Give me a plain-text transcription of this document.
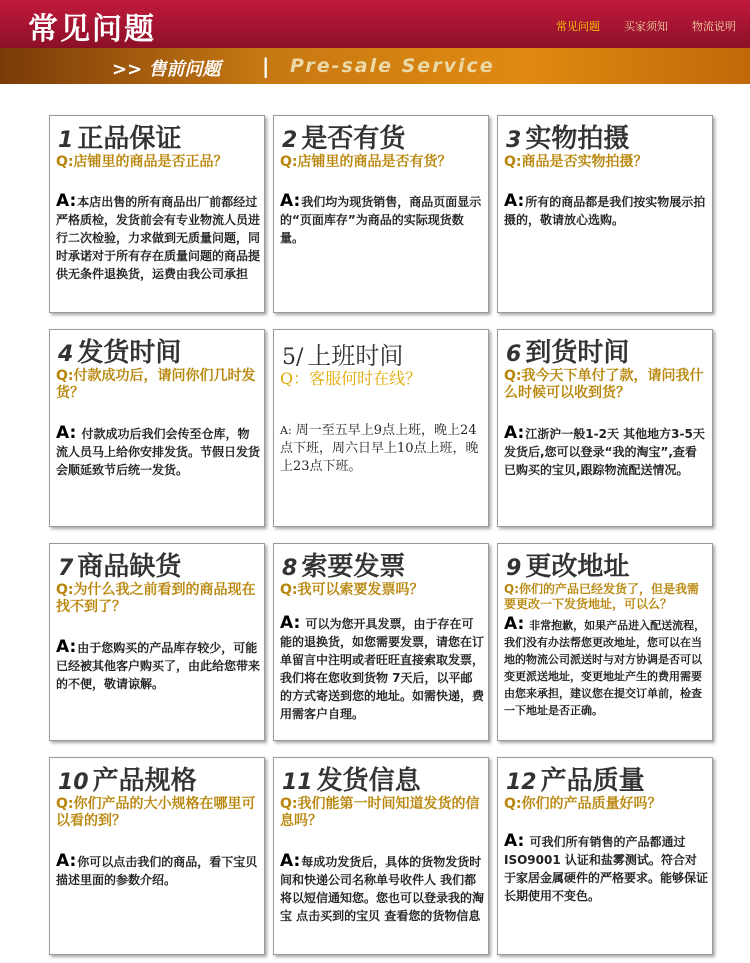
常见问题	常见问题 买家须知 物流说明
>> 售前问题 | Pre-sale Service
1 正品保证
Q:店铺里的商品是否正品？
A:本店出售的所有商品出厂前都经过严格质检，发货前会有专业物流人员进行二次检验，力求做到无质量问题，同时承诺对于所有存在质量问题的商品提供无条件退换货，运费由我公司承担
2 是否有货
Q:店铺里的商品是否有货？
A:我们均为现货销售，商品页面显示的“页面库存”为商品的实际现货数量。
3 实物拍摄
Q:商品是否实物拍摄？
A:所有的商品都是我们按实物展示拍摄的，敬请放心选购。
4 发货时间
Q:付款成功后，请问你们几时发货？
A: 付款成功后我们会传至仓库，物流人员马上给你安排发货。节假日发货会顺延致节后统一发货。
5/ 上班时间
Q：客服何时在线？
A: 周一至五早上9点上班，晚上24点下班，周六日早上10点上班，晚上23点下班。
6 到货时间
Q:我今天下单付了款，请问我什么时候可以收到货？
A:江浙沪一般1-2天 其他地方3-5天 发货后,您可以登录“我的淘宝”,查看已购买的宝贝,跟踪物流配送情况。
7 商品缺货
Q:为什么我之前看到的商品现在找不到了？
A:由于您购买的产品库存较少，可能已经被其他客户购买了，由此给您带来的不便，敬请谅解。
8 索要发票
Q:我可以索要发票吗？
A: 可以为您开具发票，由于存在可能的退换货，如您需要发票，请您在订单留言中注明或者旺旺直接索取发票，我们将在您收到货物 7天后，以平邮的方式寄送到您的地址。如需快递，费用需客户自理。
9 更改地址
Q:你们的产品已经发货了，但是我需要更改一下发货地址，可以么？
A: 非常抱歉，如果产品进入配送流程，我们没有办法帮您更改地址，您可以在当地的物流公司派送时与对方协调是否可以变更派送地址，变更地址产生的费用需要由您来承担，建议您在提交订单前，检查一下地址是否正确。
10 产品规格
Q:你们产品的大小规格在哪里可以看的到？
A:你可以点击我们的商品，看下宝贝描述里面的参数介绍。
11 发货信息
Q:我们能第一时间知道发货的信息吗？
A:每成功发货后，具体的货物发货时间和快递公司名称单号收件人 我们都将以短信通知您。您也可以登录我的淘宝 点击买到的宝贝 查看您的货物信息
12 产品质量
Q:你们的产品质量好吗？
A: 可我们所有销售的产品都通过ISO9001 认证和盐雾测试。符合对于家居金属硬件的严格要求。能够保证长期使用不变色。
